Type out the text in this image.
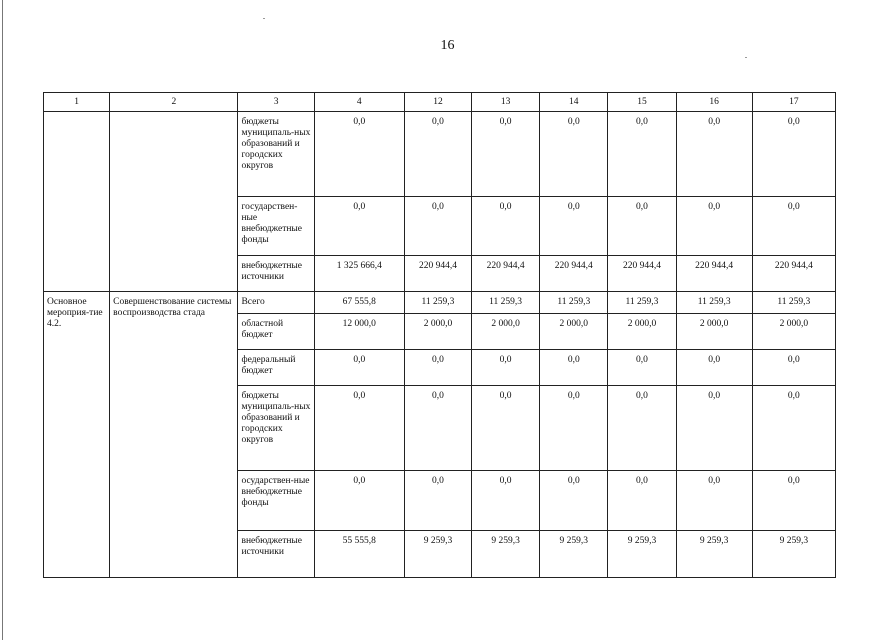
16
1	2	3	4	12	13	14	15	16	17
		бюджеты муниципаль-ных образований и городских округов	0,0	0,0	0,0	0,0	0,0	0,0	0,0
		государствен-ные внебюджетные фонды	0,0	0,0	0,0	0,0	0,0	0,0	0,0
		внебюджетные источники	1 325 666,4	220 944,4	220 944,4	220 944,4	220 944,4	220 944,4	220 944,4
Основное мероприя-тие 4.2.	Совершенствование системы воспроизводства стада	Всего	67 555,8	11 259,3	11 259,3	11 259,3	11 259,3	11 259,3	11 259,3
		областной бюджет	12 000,0	2 000,0	2 000,0	2 000,0	2 000,0	2 000,0	2 000,0
		федеральный бюджет	0,0	0,0	0,0	0,0	0,0	0,0	0,0
		бюджеты муниципаль-ных образований и городских округов	0,0	0,0	0,0	0,0	0,0	0,0	0,0
		осударствен-ные внебюджетные фонды	0,0	0,0	0,0	0,0	0,0	0,0	0,0
		внебюджетные источники	55 555,8	9 259,3	9 259,3	9 259,3	9 259,3	9 259,3	9 259,3
